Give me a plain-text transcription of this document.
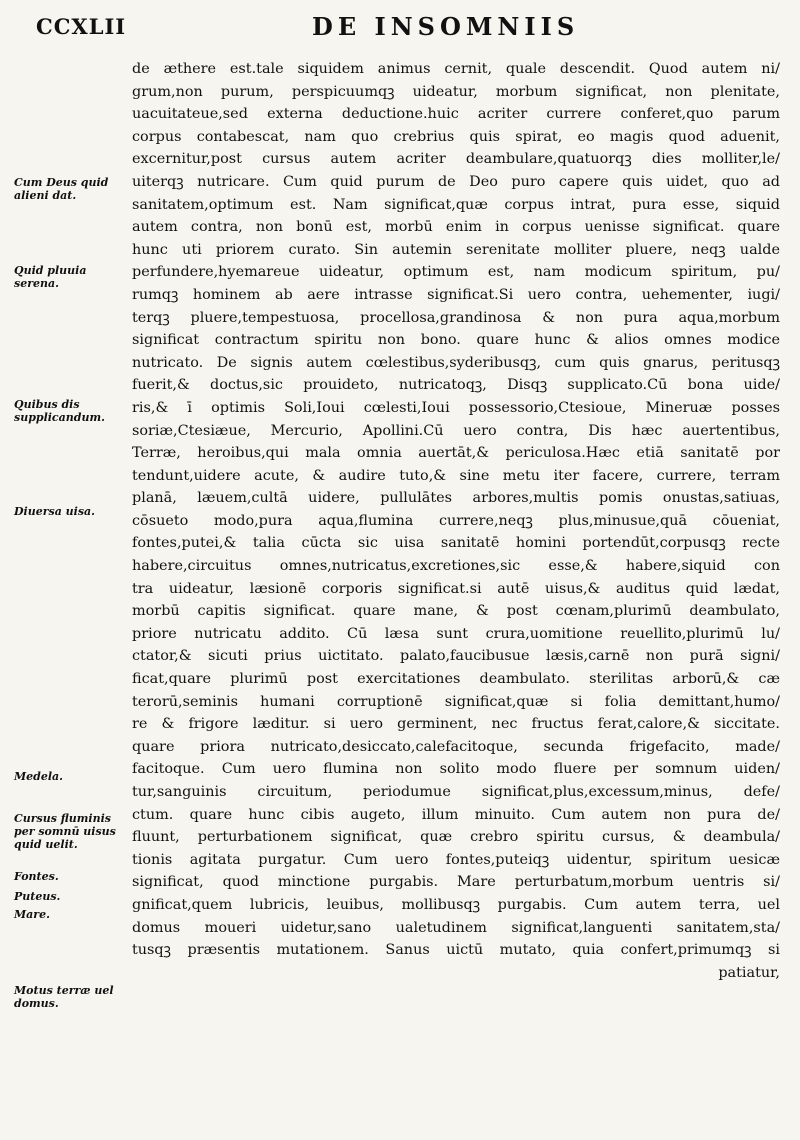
CCXLII	DE INSOMNIIS
Cum Deus quid alieni dat.
Quid pluuia serena.
Quibus dis supplicandum.
Diuersa uisa.
Medela.
Cursus fluminis per somnū uisus quid uelit.
Fontes.
Puteus.
Mare.
Motus terræ uel domus.
de æthere est.tale siquidem animus cernit, quale descendit. Quod autem ni/
grum,non purum, perspicuumqꝫ uideatur, morbum significat, non plenitate,
uacuitateue,sed externa deductione.huic acriter currere conferet,quo parum
corpus contabescat, nam quo crebrius quis spirat, eo magis quod aduenit,
excernitur,post cursus autem acriter deambulare,quatuorqꝫ dies molliter,le/
uiterqꝫ nutricare. Cum quid purum de Deo puro capere quis uidet, quo ad
sanitatem,optimum est. Nam significat,quæ corpus intrat, pura esse, siquid
autem contra, non bonū est, morbū enim in corpus uenisse significat. quare
hunc uti priorem curato. Sin autemin serenitate molliter pluere, neqꝫ ualde
perfundere,hyemareue uideatur, optimum est, nam modicum spiritum, pu/
rumqꝫ hominem ab aere intrasse significat.Si uero contra, uehementer, iugi/
terqꝫ pluere,tempestuosa, procellosa,grandinosa & non pura aqua,morbum
significat contractum spiritu non bono. quare hunc & alios omnes modice
nutricato. De signis autem cœlestibus,syderibusqꝫ, cum quis gnarus, peritusqꝫ
fuerit,& doctus,sic prouideto, nutricatoqꝫ, Disqꝫ supplicato.Cū bona uide/
ris,& ī optimis Soli,Ioui cœlesti,Ioui possessorio,Ctesioue, Mineruæ posses
soriæ,Ctesiæue, Mercurio, Apollini.Cū uero contra, Dis hæc auertentibus,
Terræ, heroibus,qui mala omnia auertāt,& periculosa.Hæc etiā sanitatē por
tendunt,uidere acute, & audire tuto,& sine metu iter facere, currere, terram
planā, læuem,cultā uidere, pullulātes arbores,multis pomis onustas,satiuas,
cōsueto modo,pura aqua,flumina currere,neqꝫ plus,minusue,quā cōueniat,
fontes,putei,& talia cūcta sic uisa sanitatē homini portendūt,corpusqꝫ recte
habere,circuitus omnes,nutricatus,excretiones,sic esse,& habere,siquid con
tra uideatur, læsionē corporis significat.si autē uisus,& auditus quid lædat,
morbū capitis significat. quare mane, & post cœnam,plurimū deambulato,
priore nutricatu addito. Cū læsa sunt crura,uomitione reuellito,plurimū lu/
ctator,& sicuti prius uictitato. palato,faucibusue læsis,carnē non purā signi/
ficat,quare plurimū post exercitationes deambulato. sterilitas arborū,& cæ
terorū,seminis humani corruptionē significat,quæ si folia demittant,humo/
re & frigore læditur. si uero germinent, nec fructus ferat,calore,& siccitate.
quare priora nutricato,desiccato,calefacitoque, secunda frigefacito, made/
facitoque. Cum uero flumina non solito modo fluere per somnum uiden/
tur,sanguinis circuitum, periodumue significat,plus,excessum,minus, defe/
ctum. quare hunc cibis augeto, illum minuito. Cum autem non pura de/
fluunt, perturbationem significat, quæ crebro spiritu cursus, & deambula/
tionis agitata purgatur. Cum uero fontes,puteiqꝫ uidentur, spiritum uesicæ
significat, quod minctione purgabis. Mare perturbatum,morbum uentris si/
gnificat,quem lubricis, leuibus, mollibusqꝫ purgabis. Cum autem terra, uel
domus moueri uidetur,sano ualetudinem significat,languenti sanitatem,sta/
tusqꝫ præsentis mutationem. Sanus uictū mutato, quia confert,primumqꝫ si
patiatur,
